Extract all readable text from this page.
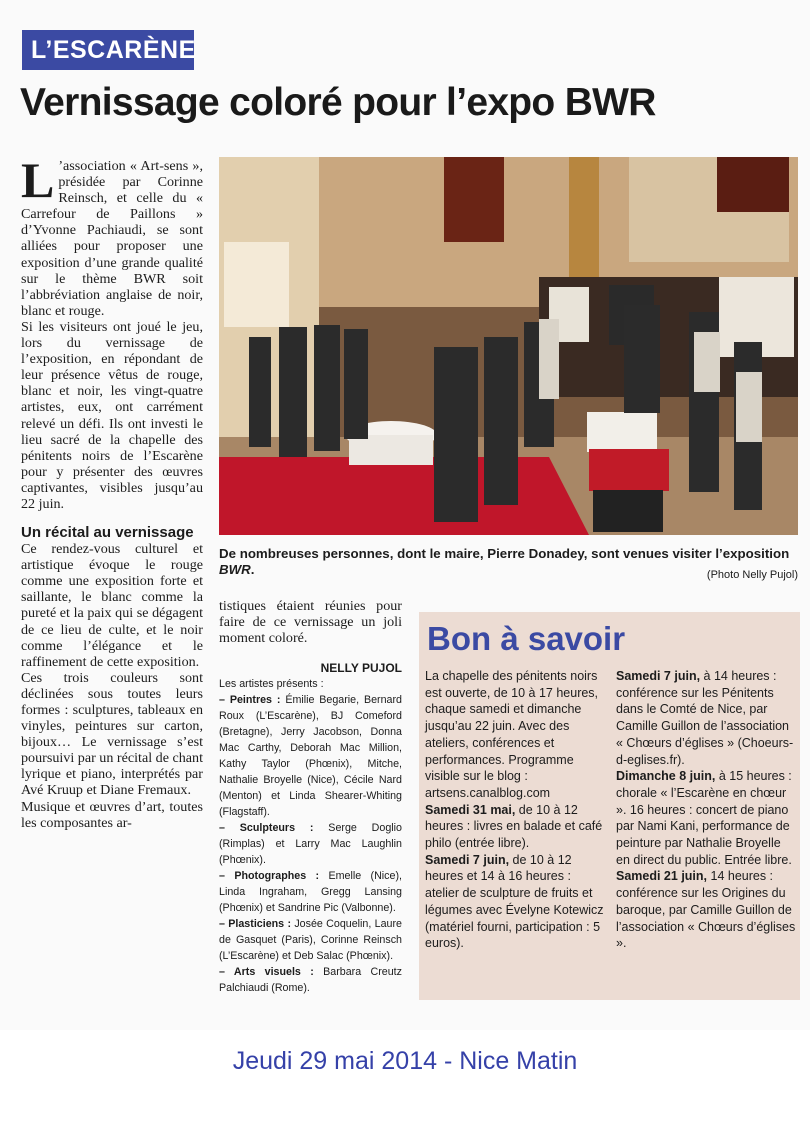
L’ESCARÈNE
Vernissage coloré pour l’expo BWR

L ’association « Art-sens », présidée par Corinne Reinsch, et celle du « Carrefour de Paillons » d’Yvonne Pachiaudi, se sont alliées pour proposer une exposition d’une grande qualité sur le thème BWR soit l’abbréviation anglaise de noir, blanc et rouge.

Si les visiteurs ont joué le jeu, lors du vernissage de l’exposition, en répondant de leur présence vêtus de rouge, blanc et noir, les vingt-quatre artistes, eux, ont carrément relevé un défi. Ils ont investi le lieu sacré de la chapelle des pénitents noirs de l’Escarène pour y présenter des œuvres captivantes, visibles jusqu’au 22 juin.

Un récital au vernissage

Ce rendez-vous culturel et artistique évoque le rouge comme une exposition forte et saillante, le blanc comme la pureté et la paix qui se dégagent de ce lieu de culte, et le noir comme l’élégance et le raffinement de cette exposition.

Ces trois couleurs sont déclinées sous toutes leurs formes : sculptures, tableaux en vinyles, peintures sur carton, bijoux… Le vernissage s’est poursuivi par un récital de chant lyrique et piano, interprétés par Avé Kruup et Diane Fremaux.

Musique et œuvres d’art, toutes les composantes ar-

De nombreuses personnes, dont le maire, Pierre Donadey, sont venues visiter l’exposition BWR.	(Photo Nelly Pujol)

tistiques étaient réunies pour faire de ce vernissage un joli moment coloré.

NELLY PUJOL

Les artistes présents :
– Peintres : Émilie Begarie, Bernard Roux (L’Escarène), BJ Comeford (Bretagne), Jerry Jacobson, Donna Mac Carthy, Deborah Mac Million, Kathy Taylor (Phœnix), Mitche, Nathalie Broyelle (Nice), Cécile Nard (Menton) et Linda Shearer-Whiting (Flagstaff).
– Sculpteurs : Serge Doglio (Rimplas) et Larry Mac Laughlin (Phœnix).
– Photographes : Emelle (Nice), Linda Ingraham, Gregg Lansing (Phœnix) et Sandrine Pic (Valbonne).
– Plasticiens : Josée Coquelin, Laure de Gasquet (Paris), Corinne Reinsch (L’Escarène) et Deb Salac (Phœnix).
– Arts visuels : Barbara Creutz Palchiaudi (Rome).
Bon à savoir

La chapelle des pénitents noirs est ouverte, de 10 à 17 heures, chaque samedi et dimanche jusqu’au 22 juin. Avec des ateliers, conférences et performances. Programme visible sur le blog : artsens.canalblog.com

Samedi 31 mai, de 10 à 12 heures : livres en balade et café philo (entrée libre).

Samedi 7 juin, de 10 à 12 heures et 14 à 16 heures : atelier de sculpture de fruits et légumes avec Évelyne Kotewicz (matériel fourni, participation : 5 euros).

Samedi 7 juin, à 14 heures : conférence sur les Pénitents dans le Comté de Nice, par Camille Guillon de l’association « Chœurs d’églises » (Choeurs-d-eglises.fr).

Dimanche 8 juin, à 15 heures : chorale « l’Escarène en chœur ». 16 heures : concert de piano par Nami Kani, performance de peinture par Nathalie Broyelle en direct du public. Entrée libre.

Samedi 21 juin, 14 heures : conférence sur les Origines du baroque, par Camille Guillon de l’association « Chœurs d’églises ».

Jeudi 29 mai 2014 - Nice Matin
